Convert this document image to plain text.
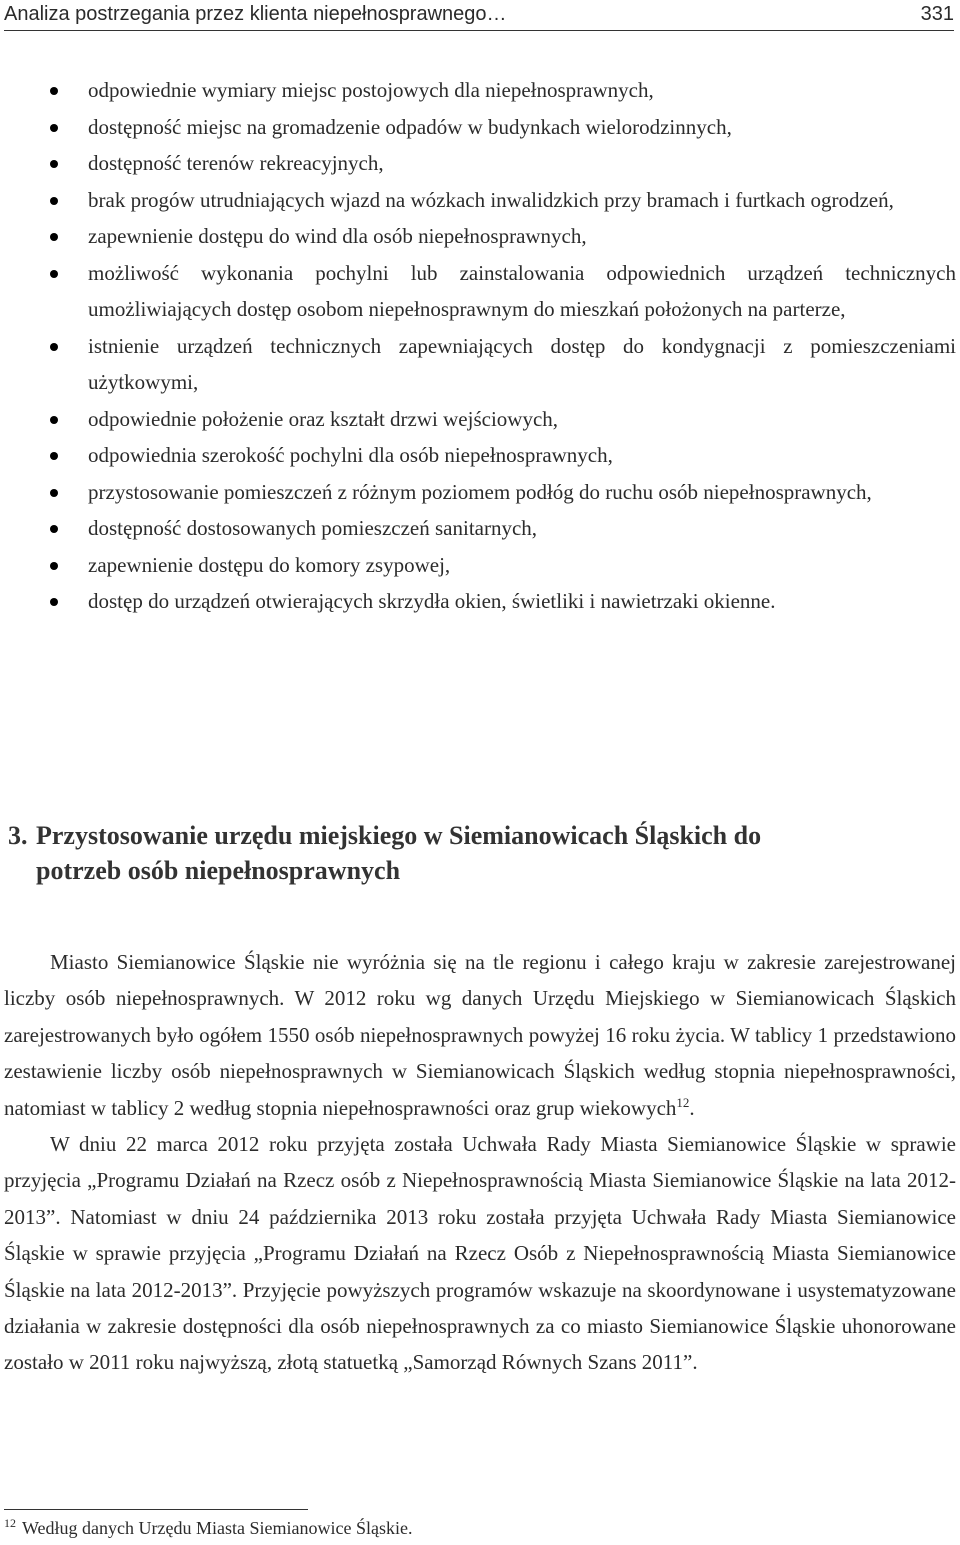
Analiza postrzegania przez klienta niepełnosprawnego…	331
odpowiednie wymiary miejsc postojowych dla niepełnosprawnych,
dostępność miejsc na gromadzenie odpadów w budynkach wielorodzinnych,
dostępność terenów rekreacyjnych,
brak progów utrudniających wjazd na wózkach inwalidzkich przy bramach i furtkach ogrodzeń,
zapewnienie dostępu do wind dla osób niepełnosprawnych,
możliwość wykonania pochylni lub zainstalowania odpowiednich urządzeń technicznych umożliwiających dostęp osobom niepełnosprawnym do mieszkań położonych na parterze,
istnienie urządzeń technicznych zapewniających dostęp do kondygnacji z pomieszczeniami użytkowymi,
odpowiednie położenie oraz kształt drzwi wejściowych,
odpowiednia szerokość pochylni dla osób niepełnosprawnych,
przystosowanie pomieszczeń z różnym poziomem podłóg do ruchu osób niepełnosprawnych,
dostępność dostosowanych pomieszczeń sanitarnych,
zapewnienie dostępu do komory zsypowej,
dostęp do urządzeń otwierających skrzydła okien, świetliki i nawietrzaki okienne.
3. Przystosowanie urzędu miejskiego w Siemianowicach Śląskich do
potrzeb osób niepełnosprawnych

Miasto Siemianowice Śląskie nie wyróżnia się na tle regionu i całego kraju w zakresie zarejestrowanej liczby osób niepełnosprawnych. W 2012 roku wg danych Urzędu Miejskiego w Siemianowicach Śląskich zarejestrowanych było ogółem 1550 osób niepełnosprawnych powyżej 16 roku życia. W tablicy 1 przedstawiono zestawienie liczby osób niepełnosprawnych w Siemianowicach Śląskich według stopnia niepełnosprawności, natomiast w tablicy 2 według stopnia niepełnosprawności oraz grup wiekowych$^{12}$.

W dniu 22 marca 2012 roku przyjęta została Uchwała Rady Miasta Siemianowice Śląskie w sprawie przyjęcia „Programu Działań na Rzecz osób z Niepełnosprawnością Miasta Siemianowice Śląskie na lata 2012-2013”. Natomiast w dniu 24 października 2013 roku została przyjęta Uchwała Rady Miasta Siemianowice Śląskie w sprawie przyjęcia „Programu Działań na Rzecz Osób z Niepełnosprawnością Miasta Siemianowice Śląskie na lata 2012-2013”. Przyjęcie powyższych programów wskazuje na skoordynowane i usystematyzowane działania w zakresie dostępności dla osób niepełnosprawnych za co miasto Siemianowice Śląskie uhonorowane zostało w 2011 roku najwyższą, złotą statuetką „Samorząd Równych Szans 2011”.

$^{12}$ Według danych Urzędu Miasta Siemianowice Śląskie.
